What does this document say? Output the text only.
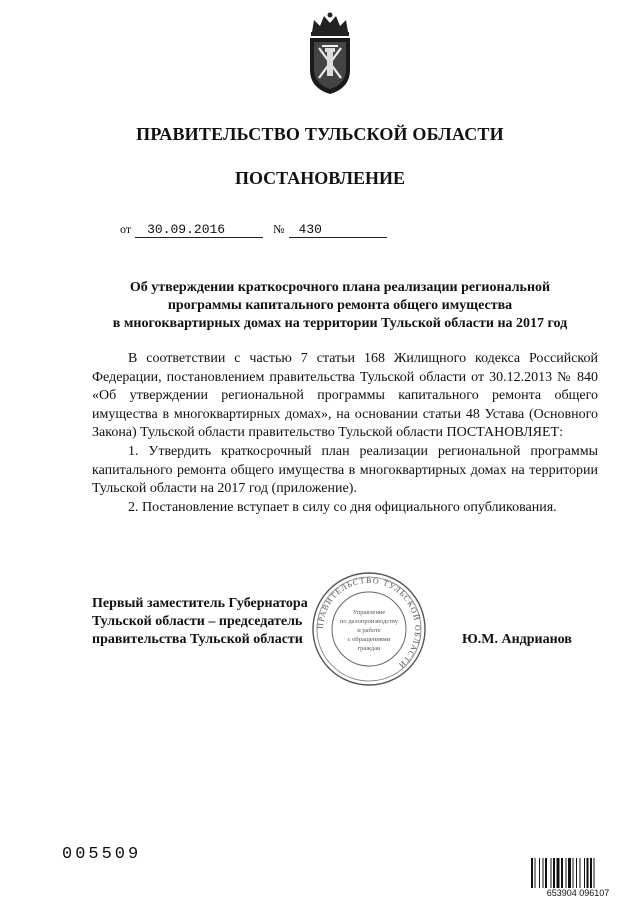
ПРАВИТЕЛЬСТВО ТУЛЬСКОЙ ОБЛАСТИ
ПОСТАНОВЛЕНИЕ
от	30.09.2016	№	430
Об утверждении краткосрочного плана реализации региональной
программы капитального ремонта общего имущества
в многоквартирных домах на территории Тульской области на 2017 год

В соответствии с частью 7 статьи 168 Жилищного кодекса Российской Федерации, постановлением правительства Тульской области от 30.12.2013 № 840 «Об утверждении региональной программы капитального ремонта общего имущества в многоквартирных домах», на основании статьи 48 Устава (Основного Закона) Тульской области правительство Тульской области ПОСТАНОВЛЯЕТ:

1. Утвердить краткосрочный план реализации региональной программы капитального ремонта общего имущества в многоквартирных домах на территории Тульской области на 2017 год (приложение).

2. Постановление вступает в силу со дня официального опубликования.

Первый заместитель Губернатора
Тульской области – председатель
правительства Тульской области	Ю.М. Андрианов
ПРАВИТЕЛЬСТВО ТУЛЬСКОЙ ОБЛАСТИ
Управление
по делопроизводству
и работе
с обращениями
граждан
005509
653904 096107
